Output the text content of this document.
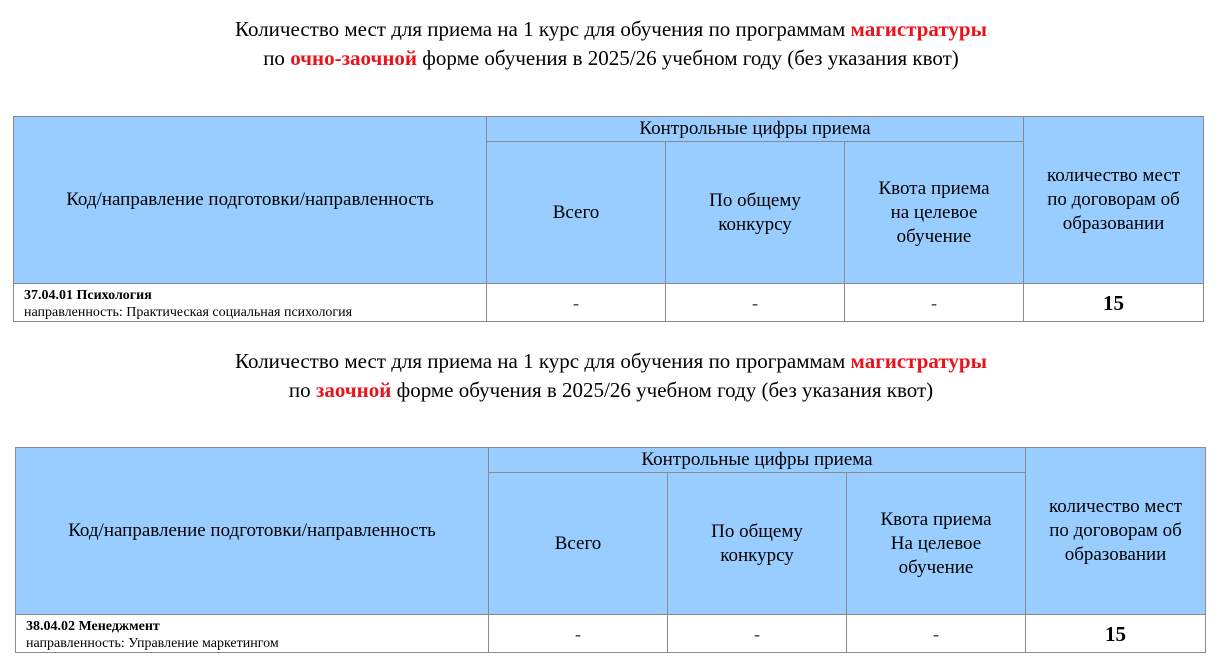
Количество мест для приема на 1 курс для обучения по программам магистратуры
по очно-заочной форме обучения в 2025/26 учебном году (без указания квот)
Код/направление подготовки/направленность	Контрольные цифры приема			количество мест по договорам об образовании
	Всего	По общему конкурсу	Квота приема на целевое обучение	

37.04.01 Психология
направленность: Практическая социальная психология	-	-	-	15
Количество мест для приема на 1 курс для обучения по программам магистратуры
по заочной форме обучения в 2025/26 учебном году (без указания квот)
Код/направление подготовки/направленность	Контрольные цифры приема			количество мест по договорам об образовании
	Всего	По общему конкурсу	Квота приема На целевое обучение	

38.04.02 Менеджмент
направленность: Управление маркетингом	-	-	-	15
